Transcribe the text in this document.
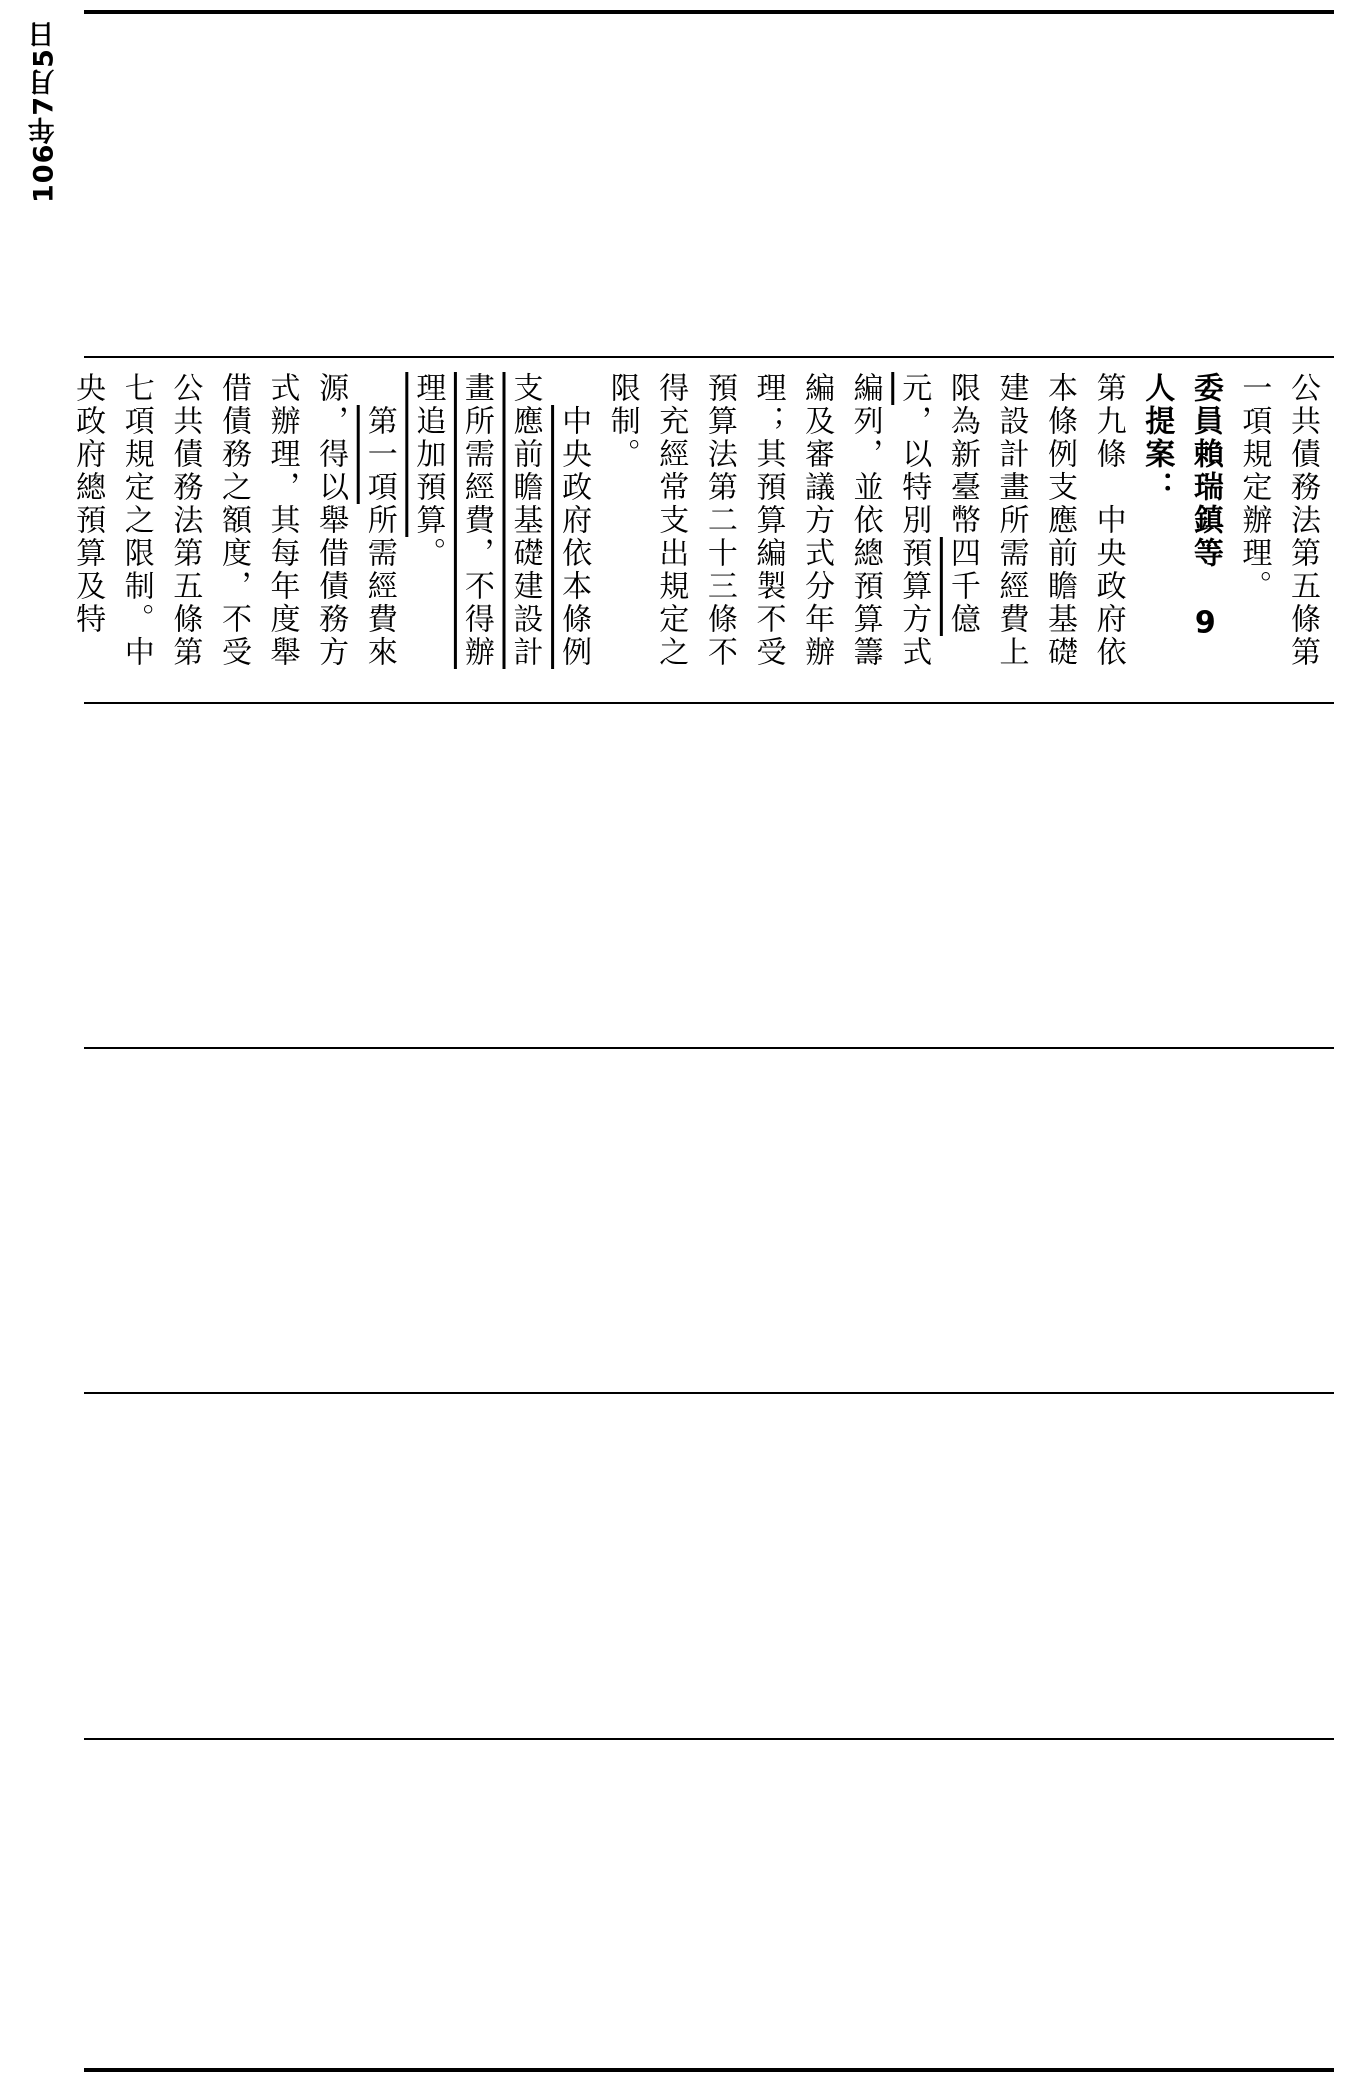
106年7月5日

公共債務法第五條第一項規定辦理。

委員賴瑞鎮等 9 人提案：

第九條　中央政府依本條例支應前瞻基礎建設計畫所需經費上限為新臺幣四千億元，以特別預算方式編列，並依總預算籌編及審議方式分年辦理；其預算編製不受預算法第二十三條不得充經常支出規定之限制。

　中央政府依本條例支應前瞻基礎建設計畫所需經費，不得辦理追加預算。

　第一項所需經費來源，得以舉借債務方式辦理，其每年度舉借債務之額度，不受公共債務法第五條第七項規定之限制。中央政府總預算及特
